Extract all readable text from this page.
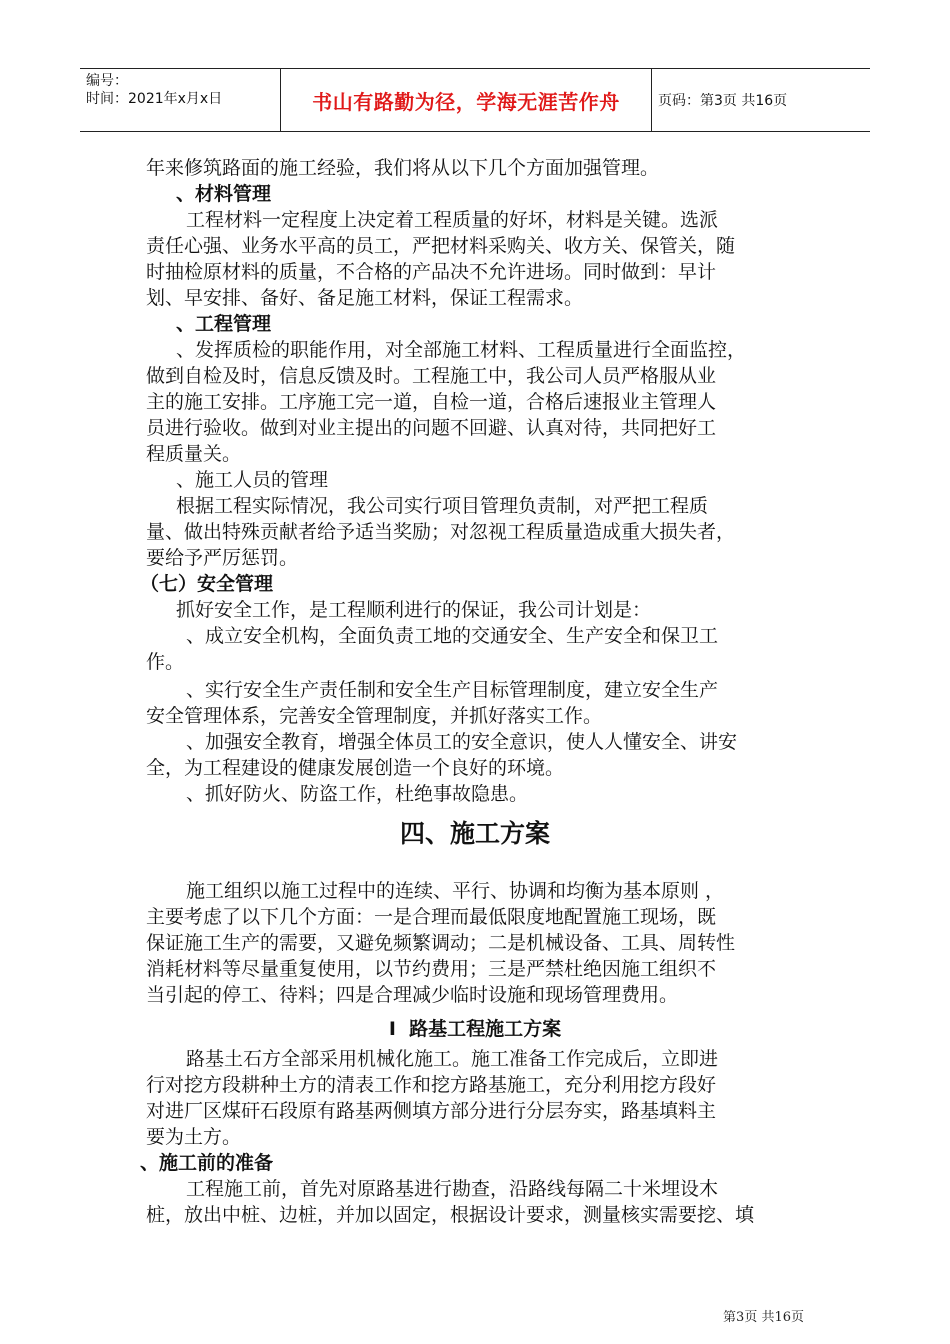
编号：
时间：2021年x月x日	书山有路勤为径，学海无涯苦作舟	页码：第3页 共16页
年来修筑路面的施工经验，我们将从以下几个方面加强管理。
、材料管理
工程材料一定程度上决定着工程质量的好坏，材料是关键。选派
责任心强、业务水平高的员工，严把材料采购关、收方关、保管关，随
时抽检原材料的质量，不合格的产品决不允许进场。同时做到：早计
划、早安排、备好、备足施工材料，保证工程需求。
、工程管理
、发挥质检的职能作用，对全部施工材料、工程质量进行全面监控，
做到自检及时，信息反馈及时。工程施工中，我公司人员严格服从业
主的施工安排。工序施工完一道，自检一道，合格后速报业主管理人
员进行验收。做到对业主提出的问题不回避、认真对待，共同把好工
程质量关。
、施工人员的管理
根据工程实际情况，我公司实行项目管理负责制，对严把工程质
量、做出特殊贡献者给予适当奖励；对忽视工程质量造成重大损失者，
要给予严厉惩罚。
（七）安全管理
抓好安全工作，是工程顺利进行的保证，我公司计划是：
、成立安全机构，全面负责工地的交通安全、生产安全和保卫工
作。
、实行安全生产责任制和安全生产目标管理制度，建立安全生产
安全管理体系，完善安全管理制度，并抓好落实工作。
、加强安全教育，增强全体员工的安全意识，使人人懂安全、讲安
全，为工程建设的健康发展创造一个良好的环境。
、抓好防火、防盗工作，杜绝事故隐患。
四、施工方案
施工组织以施工过程中的连续、平行、协调和均衡为基本原则 ，
主要考虑了以下几个方面：一是合理而最低限度地配置施工现场，既
保证施工生产的需要，又避免频繁调动；二是机械设备、工具、周转性
消耗材料等尽量重复使用，以节约费用；三是严禁杜绝因施工组织不
当引起的停工、待料；四是合理减少临时设施和现场管理费用。
Ⅰ  路基工程施工方案
路基土石方全部采用机械化施工。施工准备工作完成后，立即进
行对挖方段耕种土方的清表工作和挖方路基施工，充分利用挖方段好
对进厂区煤矸石段原有路基两侧填方部分进行分层夯实，路基填料主
要为土方。
、施工前的准备
工程施工前，首先对原路基进行勘查，沿路线每隔二十米埋设木
桩，放出中桩、边桩，并加以固定，根据设计要求，测量核实需要挖、填
第3页 共16页
